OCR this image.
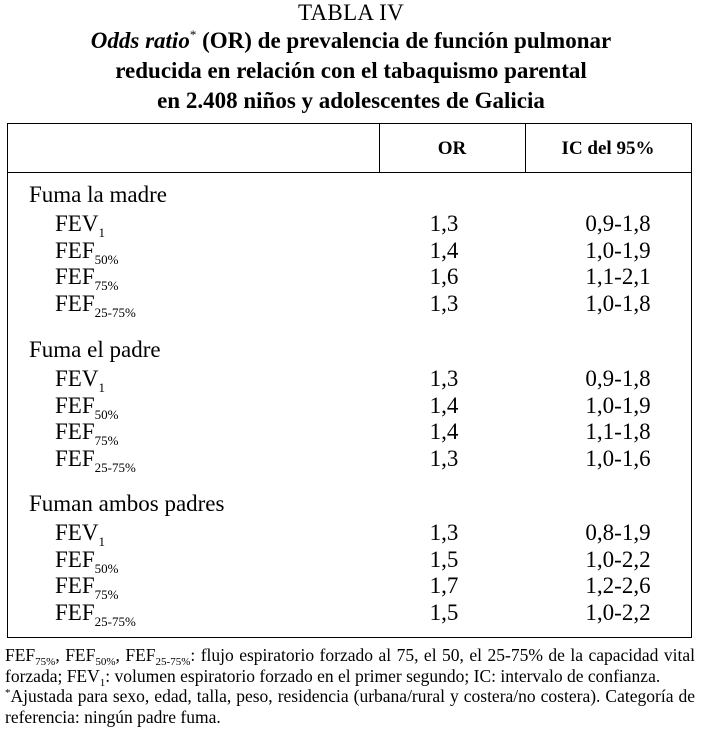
TABLA IV

Odds ratio* (OR) de prevalencia de función pulmonar

reducida en relación con el tabaquismo parental

en 2.408 niños y adolescentes de Galicia

OR	IC del 95%
Fuma la madre
$FEV_1$	1,3	0,9-1,8
$FEF_{50\%}$	1,4	1,0-1,9
$FEF_{75\%}$	1,6	1,1-2,1
$FEF_{25-75\%}$	1,3	1,0-1,8
Fuma el padre
$FEV_1$	1,3	0,9-1,8
$FEF_{50\%}$	1,4	1,0-1,9
$FEF_{75\%}$	1,4	1,1-1,8
$FEF_{25-75\%}$	1,3	1,0-1,6
Fuman ambos padres
$FEV_1$	1,3	0,8-1,9
$FEF_{50\%}$	1,5	1,0-2,2
$FEF_{75\%}$	1,7	1,2-2,6
$FEF_{25-75\%}$	1,5	1,0-2,2

$FEF_{75\%}$, $FEF_{50\%}$, $FEF_{25-75\%}$: flujo espiratorio forzado al 75, el 50, el 25-75% de la capacidad vital forzada; $FEV_1$: volumen espiratorio forzado en el primer segundo; IC: intervalo de confianza.

*Ajustada para sexo, edad, talla, peso, residencia (urbana/rural y costera/no costera). Categoría de referencia: ningún padre fuma.
